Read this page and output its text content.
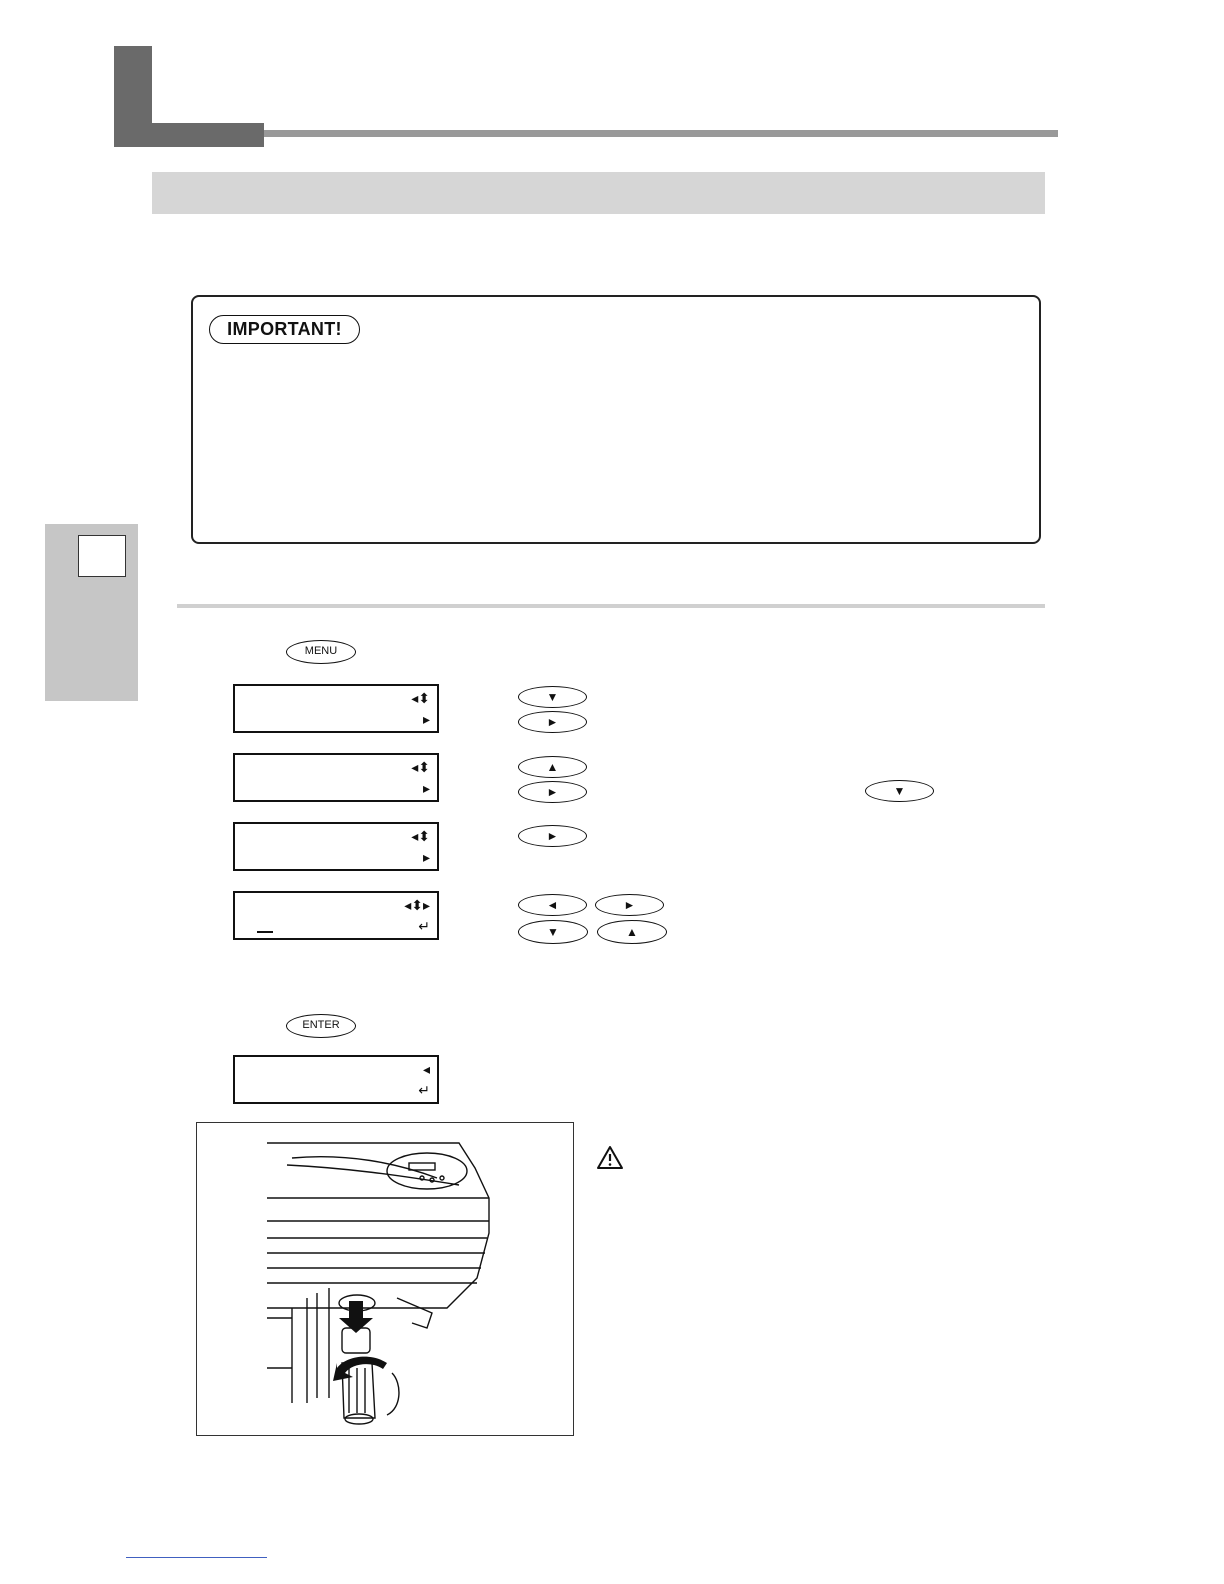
IMPORTANT!
MENU
◂⬍
▸
▼
►
◂⬍
▸
▲
►	▼
◂⬍
▸
►
◂⬍▸
↵
◄	►
▼	▲
ENTER
◂
↵
